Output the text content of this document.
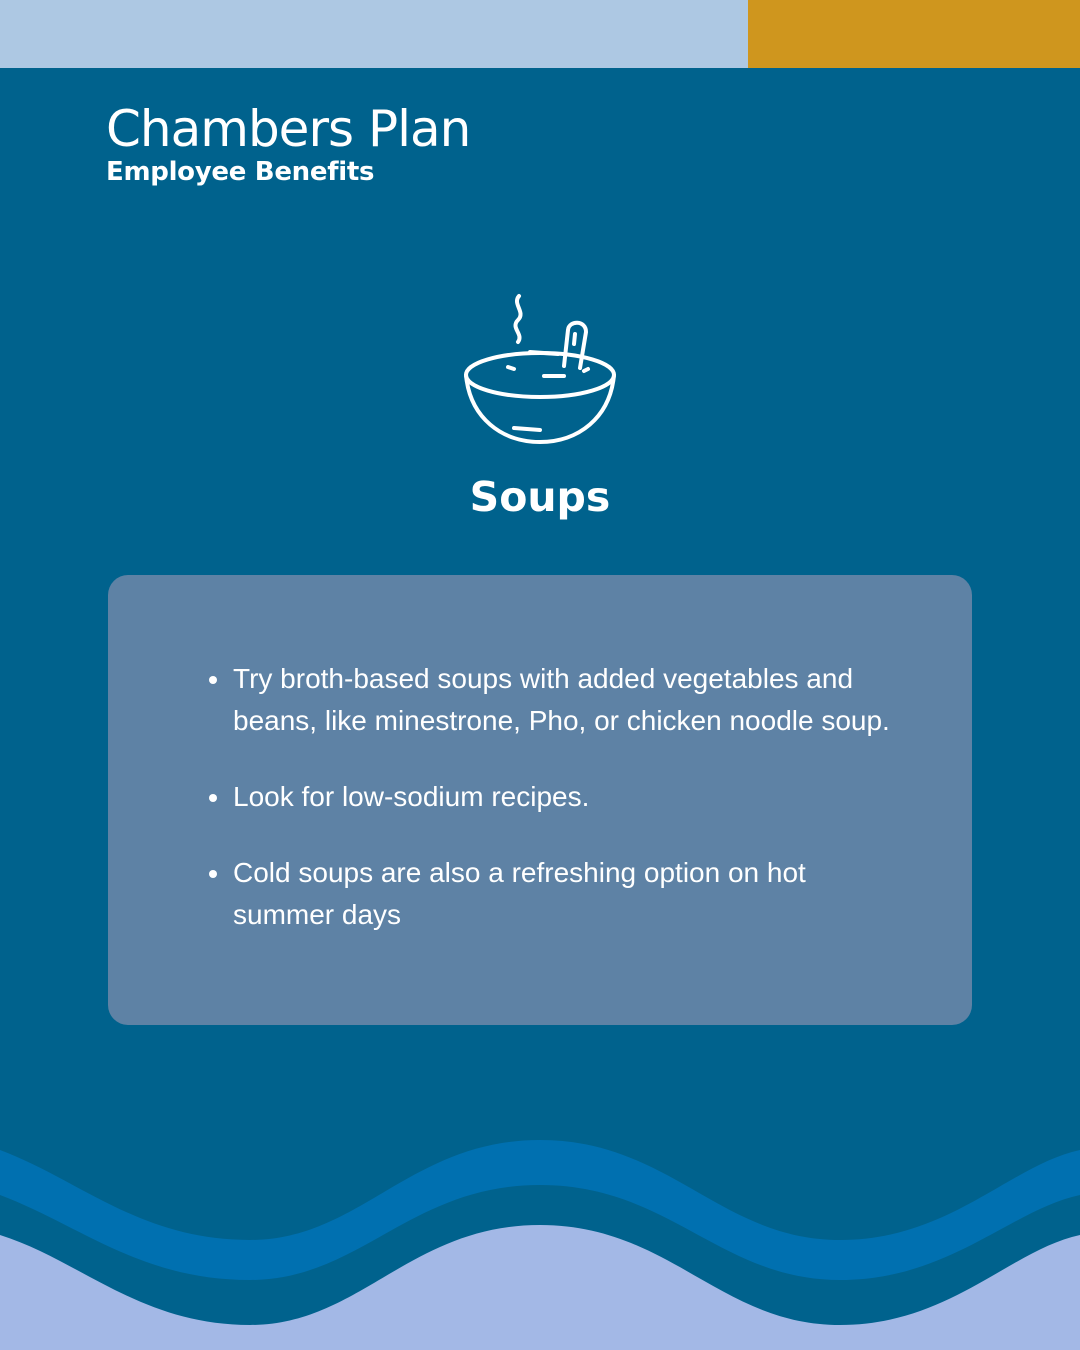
Chambers Plan
Employee Benefits
Soups
Try broth-based soups with added vegetables and beans, like minestrone, Pho, or chicken noodle soup.
Look for low-sodium recipes.
Cold soups are also a refreshing option on hot summer days
